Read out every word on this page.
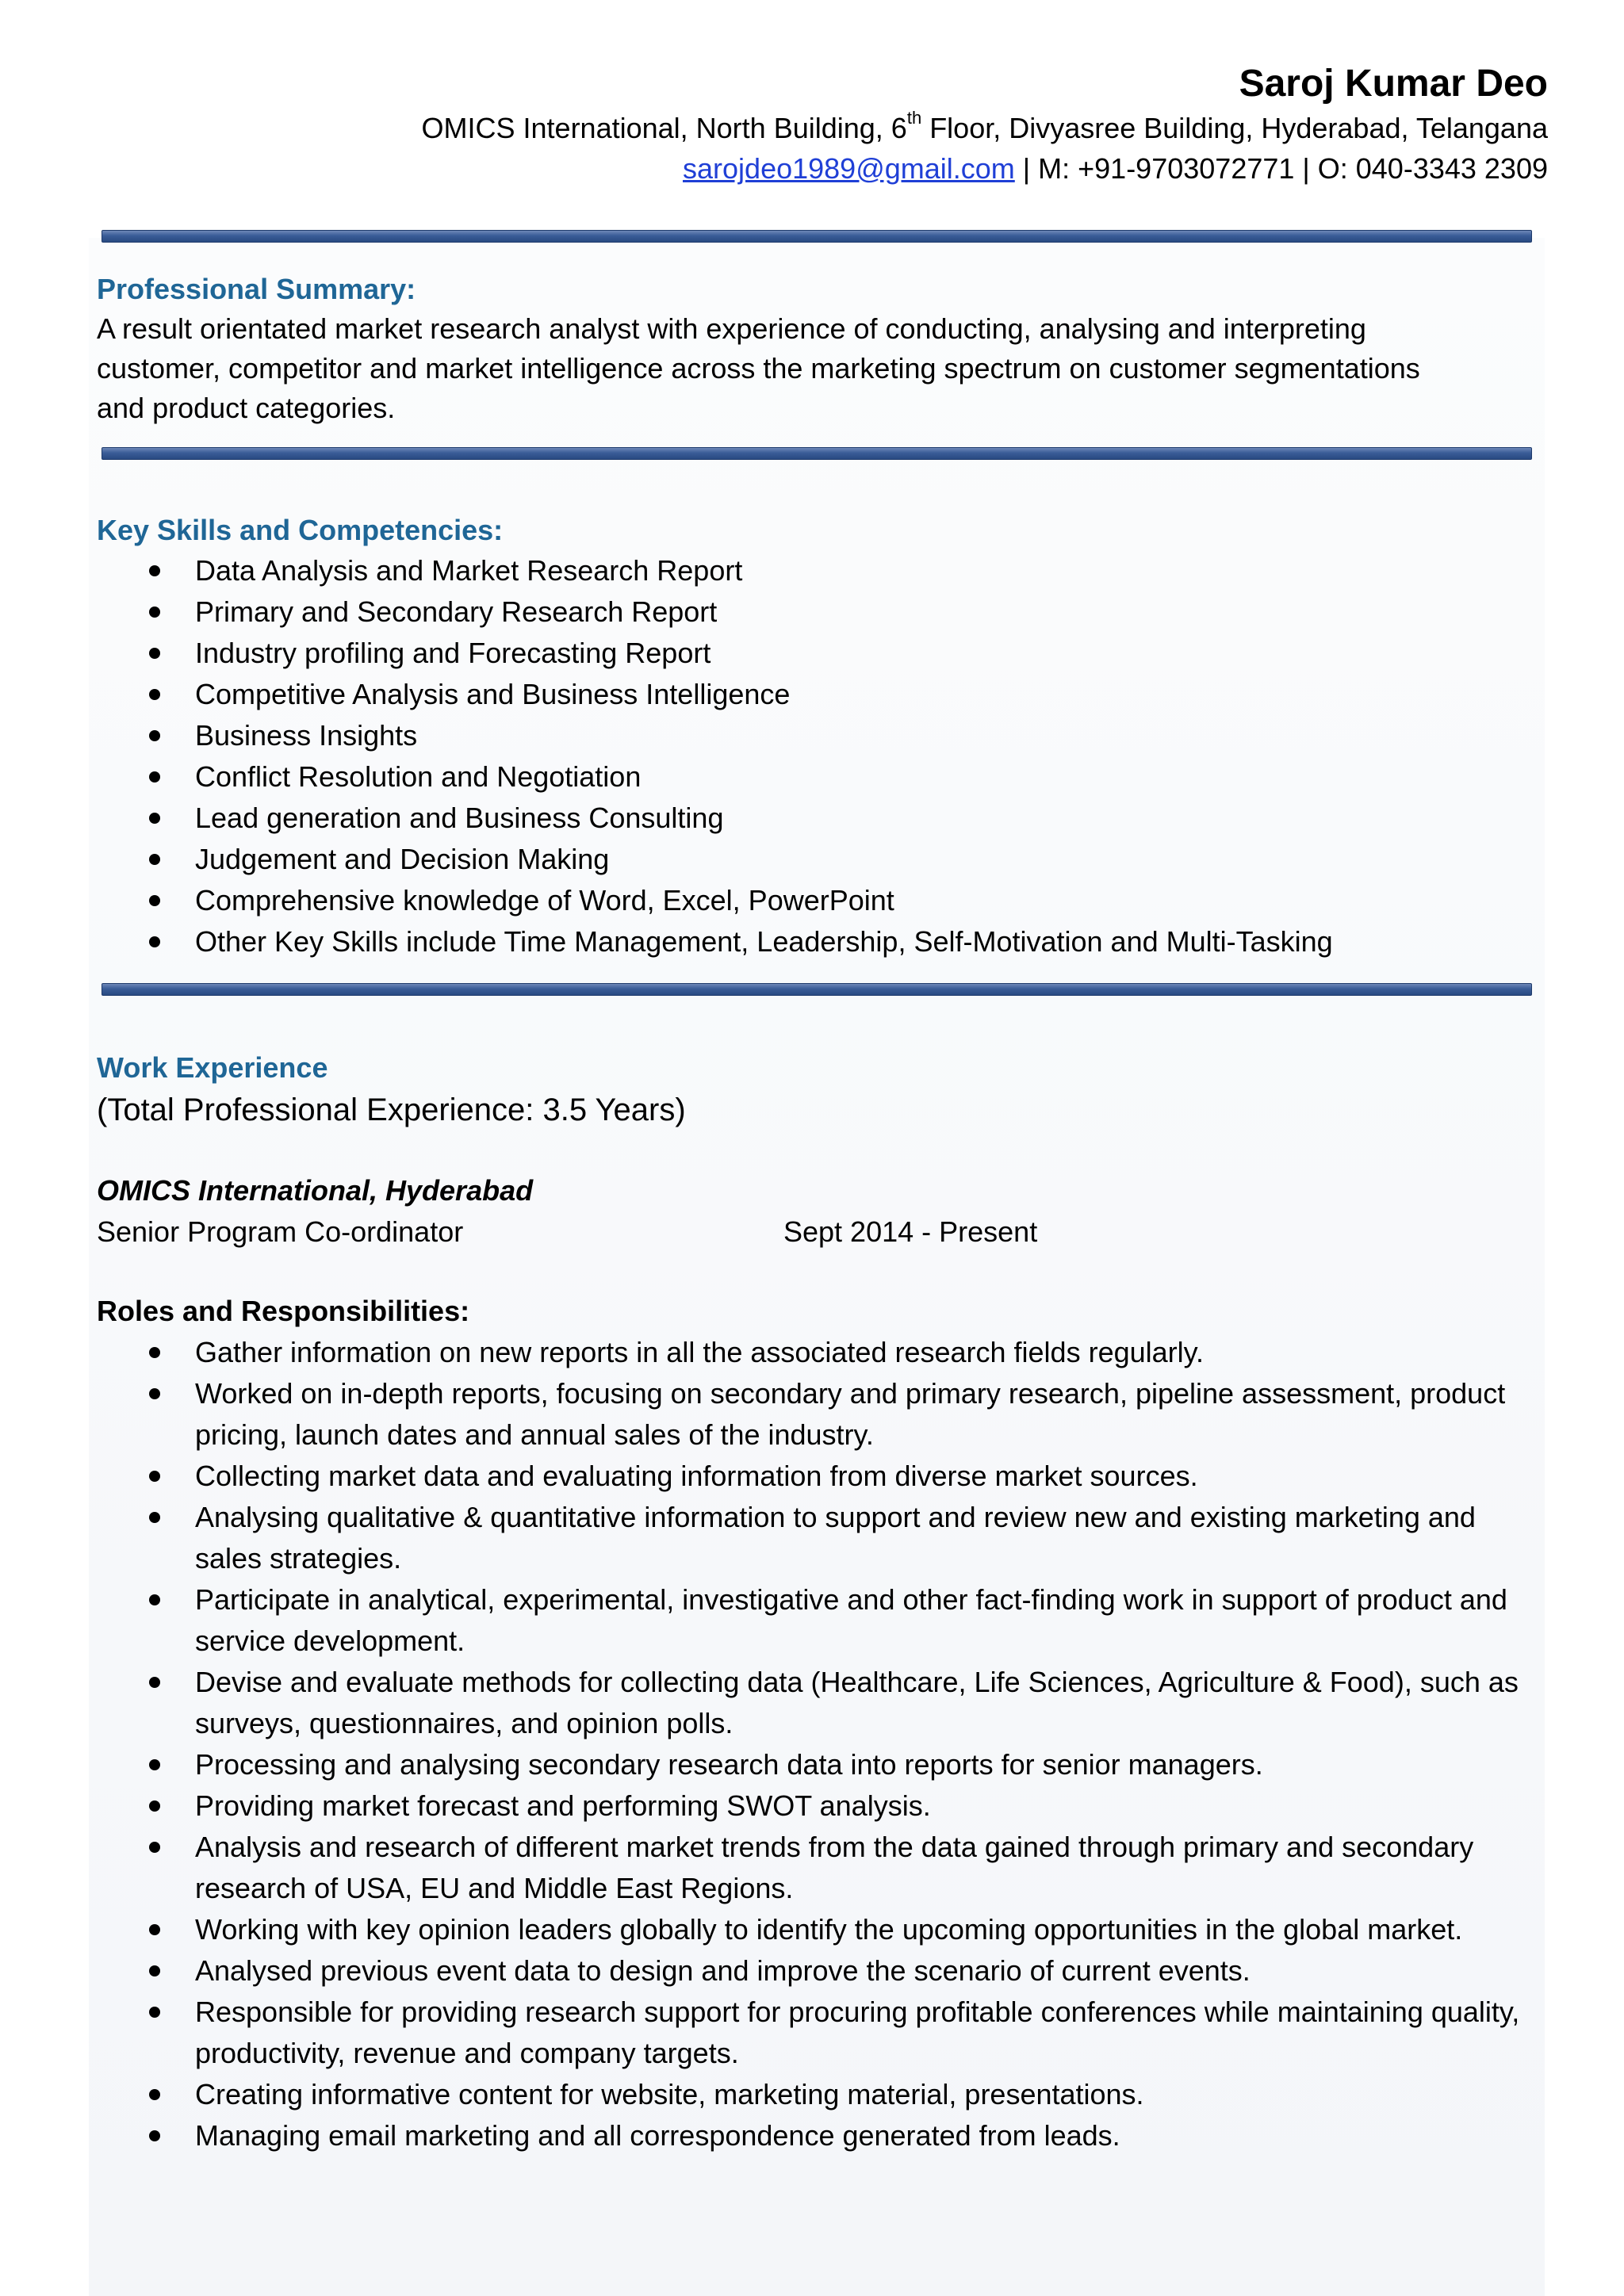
Saroj Kumar Deo
OMICS International, North Building, 6th Floor, Divyasree Building, Hyderabad, Telangana
sarojdeo1989@gmail.com | M: +91-9703072771 | O: 040-3343 2309
Professional Summary:
A result orientated market research analyst with experience of conducting, analysing and interpreting
customer, competitor and market intelligence across the marketing spectrum on customer segmentations
and product categories.
Key Skills and Competencies:
Data Analysis and Market Research Report
Primary and Secondary Research Report
Industry profiling and Forecasting Report
Competitive Analysis and Business Intelligence
Business Insights
Conflict Resolution and Negotiation
Lead generation and Business Consulting
Judgement and Decision Making
Comprehensive knowledge of Word, Excel, PowerPoint
Other Key Skills include Time Management, Leadership, Self-Motivation and Multi-Tasking
Work Experience
(Total Professional Experience: 3.5 Years)
OMICS International, Hyderabad
Senior Program Co-ordinator	Sept 2014 - Present
Roles and Responsibilities:
Gather information on new reports in all the associated research fields regularly.
Worked on in-depth reports, focusing on secondary and primary research, pipeline assessment, product pricing, launch dates and annual sales of the industry.
Collecting market data and evaluating information from diverse market sources.
Analysing qualitative & quantitative information to support and review new and existing marketing and sales strategies.
Participate in analytical, experimental, investigative and other fact-finding work in support of product and service development.
Devise and evaluate methods for collecting data (Healthcare, Life Sciences, Agriculture & Food), such as surveys, questionnaires, and opinion polls.
Processing and analysing secondary research data into reports for senior managers.
Providing market forecast and performing SWOT analysis.
Analysis and research of different market trends from the data gained through primary and secondary research of USA, EU and Middle East Regions.
Working with key opinion leaders globally to identify the upcoming opportunities in the global market.
Analysed previous event data to design and improve the scenario of current events.
Responsible for providing research support for procuring profitable conferences while maintaining quality, productivity, revenue and company targets.
Creating informative content for website, marketing material, presentations.
Managing email marketing and all correspondence generated from leads.
